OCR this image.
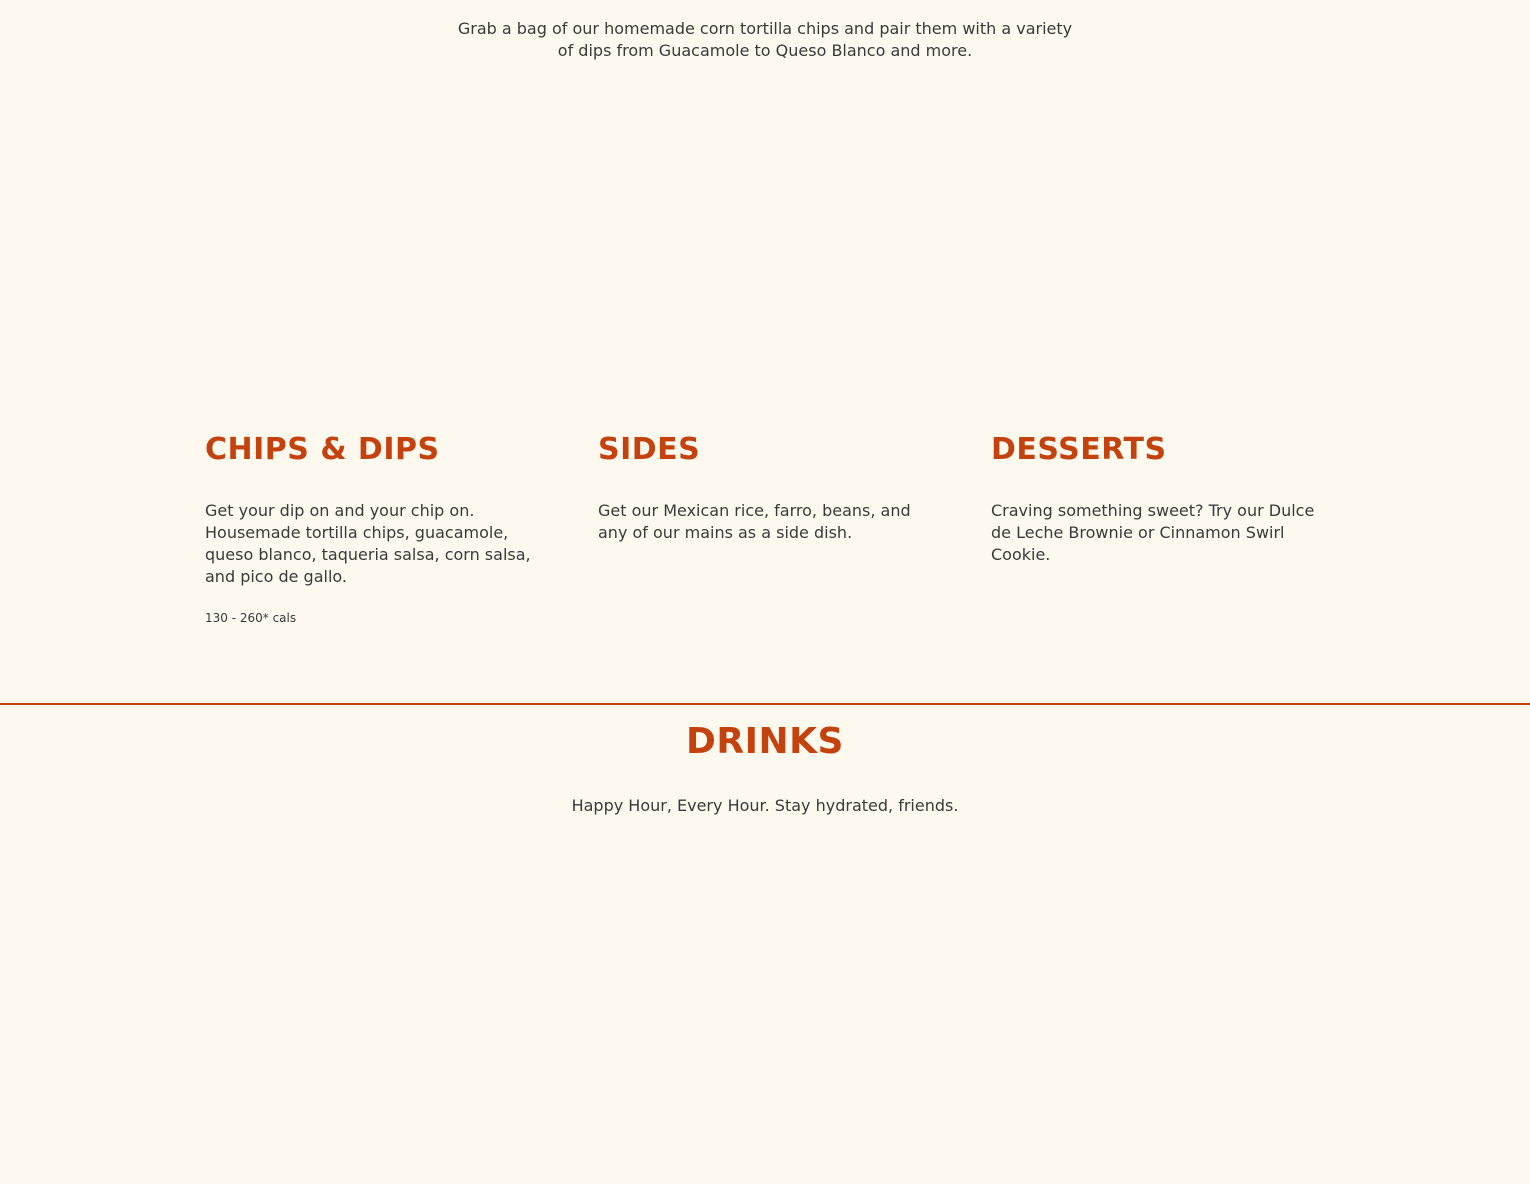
Grab a bag of our homemade corn tortilla chips and pair them with a variety of dips from Guacamole to Queso Blanco and more.

CHIPS & DIPS

Get your dip on and your chip on. Housemade tortilla chips, guacamole, queso blanco, taqueria salsa, corn salsa, and pico de gallo.

130 - 260* cals

SIDES

Get our Mexican rice, farro, beans, and any of our mains as a side dish.

DESSERTS

Craving something sweet? Try our Dulce de Leche Brownie or Cinnamon Swirl Cookie.

DRINKS

Happy Hour, Every Hour. Stay hydrated, friends.
